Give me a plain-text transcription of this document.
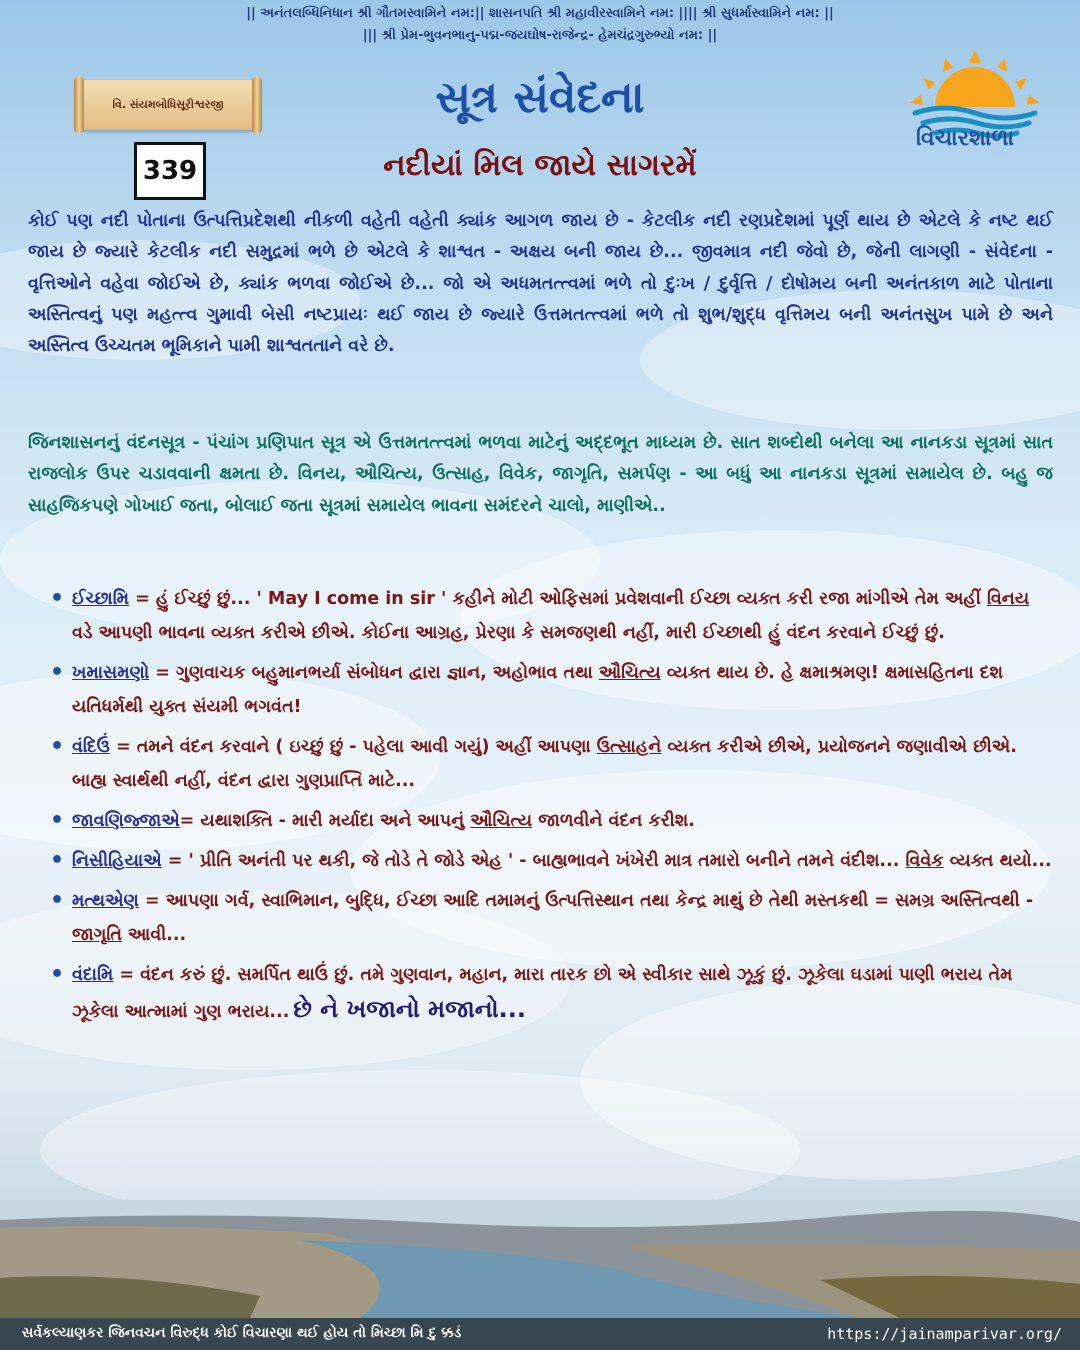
|| અનંતલબ્ધિનિધાન શ્રી ગૌતમસ્વામિને નમ:|| શાસનપતિ શ્રી મહાવીરસ્વામિને નમ: |||| શ્રી સુધર્માસ્વામિને નમ: ||
||| શ્રી પ્રેમ-ભુવનભાનુ-પદ્મ-જયઘોષ-રાજેન્દ્ર- હેમચંદ્રગુરુભ્યો નમ: ||
વિ. સંયમબોધિસૂરીશ્વરજી	સૂત્ર સંવેદના
339	નદીયાં મિલ જાયે સાગરમેં
વિચારશાળા
કોઈ પણ નદી પોતાના ઉત્પત્તિપ્રદેશથી નીકળી વહેતી વહેતી ક્યાંક આગળ જાય છે - કેટલીક નદી રણપ્રદેશમાં પૂર્ણ થાય છે એટલે કે નષ્ટ થઈ જાય છે જ્યારે કેટલીક નદી સમુદ્રમાં ભળે છે એટલે કે શાશ્વત - અક્ષય બની જાય છે... જીવમાત્ર નદી જેવો છે, જેની લાગણી - સંવેદના - વૃત્તિઓને વહેવા જોઈએ છે, ક્યાંક ભળવા જોઈએ છે... જો એ અધમતત્ત્વમાં ભળે તો દુઃખ / દુર્વૃત્તિ / દોષોમય બની અનંતકાળ માટે પોતાના અસ્તિત્વનું પણ મહત્ત્વ ગુમાવી બેસી નષ્ટપ્રાયઃ થઈ જાય છે જ્યારે ઉત્તમતત્ત્વમાં ભળે તો શુભ/શુદ્ધ વૃત્તિમય બની અનંતસુખ પામે છે અને અસ્તિત્વ ઉચ્ચતમ ભૂમિકાને પામી શાશ્વતતાને વરે છે.
જિનશાસનનું વંદનસૂત્ર - પંચાંગ પ્રણિપાત સૂત્ર એ ઉત્તમતત્ત્વમાં ભળવા માટેનું અદ્દભૂત માધ્યમ છે. સાત શબ્દોથી બનેલા આ નાનકડા સૂત્રમાં સાત રાજલોક ઉપર ચડાવવાની ક્ષમતા છે. વિનય, ઔચિત્ય, ઉત્સાહ, વિવેક, જાગૃતિ, સમર્પણ - આ બધું આ નાનકડા સૂત્રમાં સમાયેલ છે. બહુ જ સાહજિકપણે ગોખાઈ જતા, બોલાઈ જતા સૂત્રમાં સમાયેલ ભાવના સમંદરને ચાલો, માણીએ..
• ઈચ્છામિ = હું ઈચ્છું છું... ' May I come in sir ' કહીને મોટી ઓફિસમાં પ્રવેશવાની ઈચ્છા વ્યક્ત કરી રજા માંગીએ તેમ અહીં વિનય વડે આપણી ભાવના વ્યક્ત કરીએ છીએ. કોઈના આગ્રહ, પ્રેરણા કે સમજણથી નહીં, મારી ઈચ્છાથી હું વંદન કરવાને ઈચ્છું છું.
• ખમાસમણો = ગુણવાચક બહુમાનભર્યા સંબોધન દ્વારા જ્ઞાન, અહોભાવ તથા ઔચિત્ય વ્યક્ત થાય છે. હે ક્ષમાશ્રમણ! ક્ષમાસહિતના દશ યતિધર્મથી યુક્ત સંયમી ભગવંત!
• વંદિઉં = તમને વંદન કરવાને ( ઇચ્છું છું - પહેલા આવી ગયું) અહીં આપણા ઉત્સાહને વ્યક્ત કરીએ છીએ, પ્રયોજનને જણાવીએ છીએ. બાહ્ય સ્વાર્થથી નહીં, વંદન દ્વારા ગુણપ્રાપ્તિ માટે...
• જાવણિજ્જાએ= યથાશક્તિ - મારી મર્યાદા અને આપનું ઔચિત્ય જાળવીને વંદન કરીશ.
• નિસીહિયાએ = ' પ્રીતિ અનંતી પર થકી, જે તોડે તે જોડે એહ ' - બાહ્યભાવને ખંખેરી માત્ર તમારો બનીને તમને વંદીશ... વિવેક વ્યક્ત થયો...
• મત્થએણ = આપણા ગર્વ, સ્વાભિમાન, બુદ્ધિ, ઈચ્છા આદિ તમામનું ઉત્પત્તિસ્થાન તથા કેન્દ્ર માથું છે તેથી મસ્તકથી = સમગ્ર અસ્તિત્વથી - જાગૃતિ આવી...
• વંદામિ = વંદન કરું છું. સમર્પિત થાઉં છું. તમે ગુણવાન, મહાન, મારા તારક છો એ સ્વીકાર સાથે ઝૂકું છું. ઝૂકેલા ઘડામાં પાણી ભરાય તેમ ઝૂકેલા આત્મામાં ગુણ ભરાય... છે ને ખજાનો મજાનો...
સર્વકલ્યાણકર જિનવચન વિરુદ્ધ કોઈ વિચારણા થઈ હોય તો મિચ્છા મિ દુ ક્કડં	https://jainamparivar.org/
